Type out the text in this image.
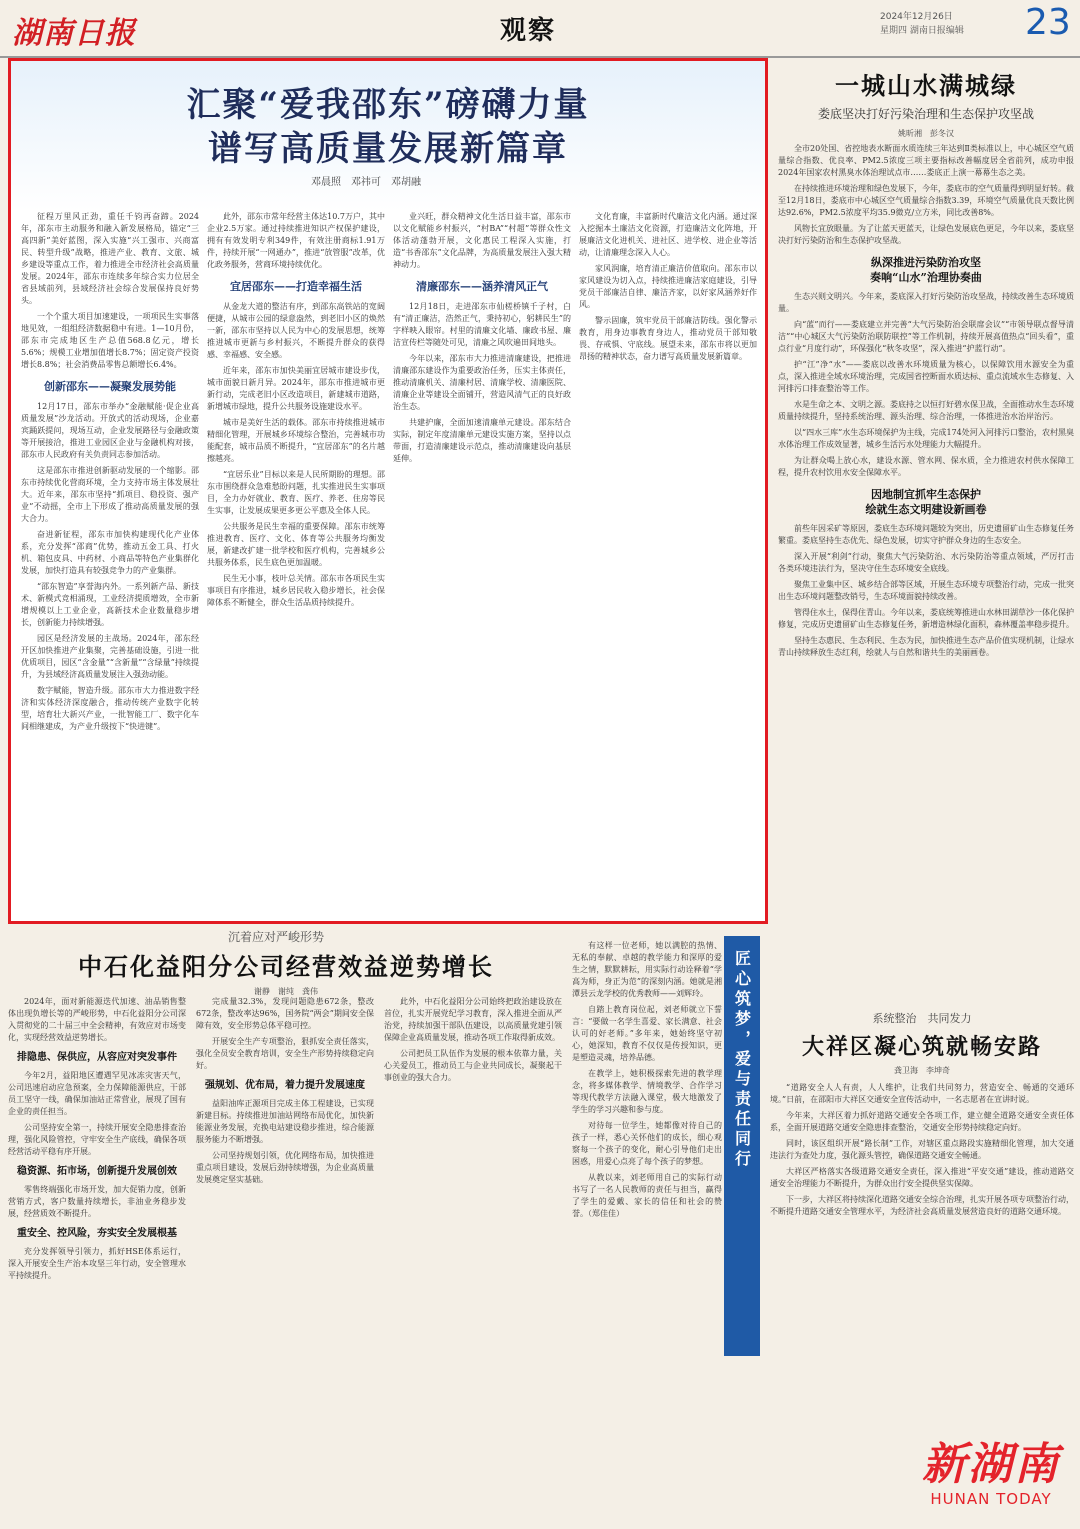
湖南日报	观察	2024年12月26日
星期四 湖南日报编辑 23
汇聚“爱我邵东”磅礴力量
谱写高质量发展新篇章
邓晨照　邓祎可　邓胡融

征程万里风正劲，重任千钧再奋蹄。2024年，邵东市主动服务和融入新发展格局，锚定“三高四新”美好蓝图，深入实施“兴工强市、兴商富民、转型升级”战略，推进产业、教育、文旅、城乡建设等重点工作，着力推进全市经济社会高质量发展。2024年，邵东市连续多年综合实力位居全省县域前列，县域经济社会综合发展保持良好势头。

一个个重大项目加速建设，一项项民生实事落地见效，一组组经济数据稳中有进。1—10月份，邵东市完成地区生产总值568.8亿元，增长5.6%；规模工业增加值增长8.7%；固定资产投资增长8.8%；社会消费品零售总额增长6.4%。

创新邵东——凝聚发展势能

12月17日，邵东市举办“金融赋能·促企业高质量发展”沙龙活动。开放式的活动现场，企业嘉宾踊跃提问，现场互动，企业发展路径与金融政策等开展接洽，推进工业园区企业与金融机构对接，邵东市人民政府有关负责同志参加活动。

这是邵东市推进创新驱动发展的一个缩影。邵东市持续优化营商环境，全力支持市场主体发展壮大。近年来，邵东市坚持“抓项目、稳投资、强产业”不动摇，全市上下形成了推动高质量发展的强大合力。

奋进新征程，邵东市加快构建现代化产业体系，充分发挥“邵商”优势，推动五金工具、打火机、箱包皮具、中药材、小商品等特色产业集群化发展，加快打造具有较强竞争力的产业集群。

“邵东智造”享誉海内外。一系列新产品、新技术、新模式竞相涌现，工业经济提质增效，全市新增规模以上工业企业，高新技术企业数量稳步增长，创新能力持续增强。

园区是经济发展的主战场。2024年，邵东经开区加快推进产业集聚，完善基础设施，引进一批优质项目，园区“含金量”“含新量”“含绿量”持续提升，为县域经济高质量发展注入强劲动能。

数字赋能，智造升级。邵东市大力推进数字经济和实体经济深度融合，推动传统产业数字化转型，培育壮大新兴产业，一批智能工厂、数字化车间相继建成，为产业升级按下“快进键”。

此外，邵东市常年经营主体达10.7万户，其中企业2.5万家。通过持续推进知识产权保护建设，拥有有效发明专利349件，有效注册商标1.91万件，持续开展“一网通办”，推进“放管服”改革，优化政务服务，营商环境持续优化。

宜居邵东——打造幸福生活

从金龙大道的整洁有序，到邵东高铁站的宽阔便捷，从城市公园的绿意盎然，到老旧小区的焕然一新，邵东市坚持以人民为中心的发展思想，统筹推进城市更新与乡村振兴，不断提升群众的获得感、幸福感、安全感。

近年来，邵东市加快美丽宜居城市建设步伐，城市面貌日新月异。2024年，邵东市推进城市更新行动，完成老旧小区改造项目，新建城市道路，新增城市绿地，提升公共服务设施建设水平。

城市是美好生活的载体。邵东市持续推进城市精细化管理，开展城乡环境综合整治，完善城市功能配套，城市品质不断提升，“宜居邵东”的名片越擦越亮。

“宜居乐业”目标以来是人民所期盼的理想。邵东市围绕群众急难愁盼问题，扎实推进民生实事项目，全力办好就业、教育、医疗、养老、住房等民生实事，让发展成果更多更公平惠及全体人民。

公共服务是民生幸福的重要保障。邵东市统筹推进教育、医疗、文化、体育等公共服务均衡发展，新建改扩建一批学校和医疗机构，完善城乡公共服务体系，民生底色更加温暖。

民生无小事，枝叶总关情。邵东市各项民生实事项目有序推进，城乡居民收入稳步增长，社会保障体系不断健全，群众生活品质持续提升。

业兴旺，群众精神文化生活日益丰富，邵东市以文化赋能乡村振兴，“村BA”“村超”等群众性文体活动蓬勃开展，文化惠民工程深入实施，打造“书香邵东”文化品牌，为高质量发展注入强大精神动力。

清廉邵东——涵养清风正气

12月18日，走进邵东市仙槎桥镇千子村，白有“清正廉洁，浩然正气，秉持初心，躬耕民生”的字样映入眼帘。村里的清廉文化墙、廉政书屋、廉洁宣传栏等随处可见，清廉之风吹遍田间地头。

今年以来，邵东市大力推进清廉建设，把推进清廉邵东建设作为重要政治任务，压实主体责任，推动清廉机关、清廉村居、清廉学校、清廉医院、清廉企业等建设全面铺开，营造风清气正的良好政治生态。

共建护廉，全面加速清廉单元建设。邵东结合实际，制定年度清廉单元建设实施方案，坚持以点带面，打造清廉建设示范点，推动清廉建设向基层延伸。

文化育廉，丰富新时代廉洁文化内涵。通过深入挖掘本土廉洁文化资源，打造廉洁文化阵地，开展廉洁文化进机关、进社区、进学校、进企业等活动，让清廉理念深入人心。

家风润廉，培育清正廉洁价值取向。邵东市以家风建设为切入点，持续推进廉洁家庭建设，引导党员干部廉洁自律、廉洁齐家，以好家风涵养好作风。

警示固廉，筑牢党员干部廉洁防线。强化警示教育，用身边事教育身边人，推动党员干部知敬畏、存戒惧、守底线。展望未来，邵东市将以更加昂扬的精神状态，奋力谱写高质量发展新篇章。

一城山水满城绿
娄底坚决打好污染治理和生态保护攻坚战
姚昕湘　彭冬汉

全市20处国、省控地表水断面水质连续三年达到Ⅱ类标准以上，中心城区空气质量综合指数、优良率、PM2.5浓度三项主要指标改善幅度居全省前列，成功申报2024年国家农村黑臭水体治理试点市……娄底正上演一幕幕生态之美。

在持续推进环境治理和绿色发展下，今年，娄底市的空气质量得到明显好转。截至12月18日，娄底市中心城区空气质量综合指数3.39，环境空气质量优良天数比例达92.6%，PM2.5浓度平均35.9微克/立方米，同比改善8%。

风物长宜放眼量。为了让蓝天更蓝天，让绿色发展底色更足，今年以来，娄底坚决打好污染防治和生态保护攻坚战。

纵深推进污染防治攻坚
奏响“山水”治理协奏曲

生态兴则文明兴。今年来，娄底深入打好污染防治攻坚战，持续改善生态环境质量。

向“蓝”而行——娄底建立并完善“大气污染防治会联席会议”“市领导联点督导清洁”“中心城区大气污染防治联防联控”等工作机制，持续开展高值热点“回头看”，重点行业“月度行动”，环保强化“秋冬攻坚”，深入推进“护蓝行动”。

护“江”净“水”——娄底以改善水环境质量为核心，以保障饮用水源安全为重点，深入推进全域水环境治理，完成国省控断面水质达标、重点流域水生态修复、入河排污口排查整治等工作。

水是生命之本、文明之源。娄底持之以恒打好碧水保卫战，全面推动水生态环境质量持续提升，坚持系统治理、源头治理、综合治理，一体推进治水治岸治污。

以“四水三库”水生态环境保护为主线，完成174处河入河排污口整治，农村黑臭水体治理工作成效显著，城乡生活污水处理能力大幅提升。

为让群众喝上放心水，建设水源、管水网、保水质，全力推进农村供水保障工程，提升农村饮用水安全保障水平。

因地制宜抓牢生态保护
绘就生态文明建设新画卷

前些年因采矿等原因，娄底生态环境问题较为突出，历史遗留矿山生态修复任务繁重。娄底坚持生态优先、绿色发展，切实守护群众身边的生态安全。

深入开展“利剑”行动，聚焦大气污染防治、水污染防治等重点领域，严厉打击各类环境违法行为，坚决守住生态环境安全底线。

聚焦工业集中区、城乡结合部等区域，开展生态环境专项整治行动，完成一批突出生态环境问题整改销号，生态环境面貌持续改善。

管得住水土，保得住青山。今年以来，娄底统筹推进山水林田湖草沙一体化保护修复，完成历史遗留矿山生态修复任务，新增造林绿化面积，森林覆盖率稳步提升。

坚持生态惠民、生态利民、生态为民，加快推进生态产品价值实现机制，让绿水青山持续释放生态红利，绘就人与自然和谐共生的美丽画卷。

沉着应对严峻形势
中石化益阳分公司经营效益逆势增长
谢静　谢纯　龚伟

2024年，面对新能源迭代加速、油品销售整体出现负增长等的严峻形势，中石化益阳分公司深入贯彻党的二十届三中全会精神，有效应对市场变化，实现经营效益逆势增长。

排隐患、保供应，从容应对突发事件

今年2月，益阳地区遭遇罕见冰冻灾害天气，公司迅速启动应急预案，全力保障能源供应，干部员工坚守一线，确保加油站正常营业，展现了国有企业的责任担当。

公司坚持安全第一，持续开展安全隐患排查治理，强化风险管控，守牢安全生产底线，确保各项经营活动平稳有序开展。

稳资源、拓市场，创新提升发展创效

零售终端强化市场开发，加大促销力度，创新营销方式，客户数量持续增长，非油业务稳步发展，经营质效不断提升。

重安全、控风险，夯实安全发展根基

充分发挥领导引领力，抓好HSE体系运行，深入开展安全生产治本攻坚三年行动，安全管理水平持续提升。

完成量32.3%，发现问题隐患672条，整改672条，整改率达96%，国务院“两会”期间安全保障有效，安全形势总体平稳可控。

开展安全生产专项整治，狠抓安全责任落实，强化全员安全教育培训，安全生产形势持续稳定向好。

强规划、优布局，着力提升发展速度

益阳油库正源项目完成主体工程建设，已实现新建目标。持续推进加油站网络布局优化，加快新能源业务发展，充换电站建设稳步推进，综合能源服务能力不断增强。

公司坚持规划引领，优化网络布局，加快推进重点项目建设，发展后劲持续增强，为企业高质量发展奠定坚实基础。

此外，中石化益阳分公司始终把政治建设放在首位，扎实开展党纪学习教育，深入推进全面从严治党，持续加强干部队伍建设，以高质量党建引领保障企业高质量发展，推动各项工作取得新成效。

公司把员工队伍作为发展的根本依靠力量，关心关爱员工，推动员工与企业共同成长，凝聚起干事创业的强大合力。

有这样一位老师，她以满腔的热情、无私的奉献、卓越的教学能力和深厚的爱生之情，默默耕耘，用实际行动诠释着“学高为师，身正为范”的深刻内涵。她就是湘潭县云龙学校的优秀教师——刘辉玲。

自踏上教育岗位起，刘老师就立下誓言：“要做一名学生喜爱、家长满意、社会认可的好老师。”多年来，她始终坚守初心，她深知，教育不仅仅是传授知识，更是塑造灵魂，培养品德。

在教学上，她积极探索先进的教学理念，将多媒体教学、情境教学、合作学习等现代教学方法融入课堂，极大地激发了学生的学习兴趣和参与度。

对待每一位学生，她都像对待自己的孩子一样，悉心关怀他们的成长，细心观察每一个孩子的变化，耐心引导他们走出困惑，用爱心点亮了每个孩子的梦想。

从教以来，刘老师用自己的实际行动书写了一名人民教师的责任与担当，赢得了学生的爱戴、家长的信任和社会的赞誉。（郑佳佳）

匠心筑梦，爱与责任同行	系统整治　共同发力
大祥区凝心筑就畅安路
龚卫海　李坤奇

“道路安全人人有责，人人维护，让我们共同努力，营造安全、畅通的交通环境。”日前，在邵阳市大祥区交通安全宣传活动中，一名志愿者在宣讲时说。

今年来，大祥区着力抓好道路交通安全各项工作，建立健全道路交通安全责任体系，全面开展道路交通安全隐患排查整治，交通安全形势持续稳定向好。

同时，该区组织开展“路长制”工作，对辖区重点路段实施精细化管理，加大交通违法行为查处力度，强化源头管控，确保道路交通安全畅通。

大祥区严格落实各级道路交通安全责任，深入推进“平安交通”建设，推动道路交通安全治理能力不断提升，为群众出行安全提供坚实保障。

下一步，大祥区将持续深化道路交通安全综合治理，扎实开展各项专项整治行动，不断提升道路交通安全管理水平，为经济社会高质量发展营造良好的道路交通环境。

新湖南
HUNAN TODAY
